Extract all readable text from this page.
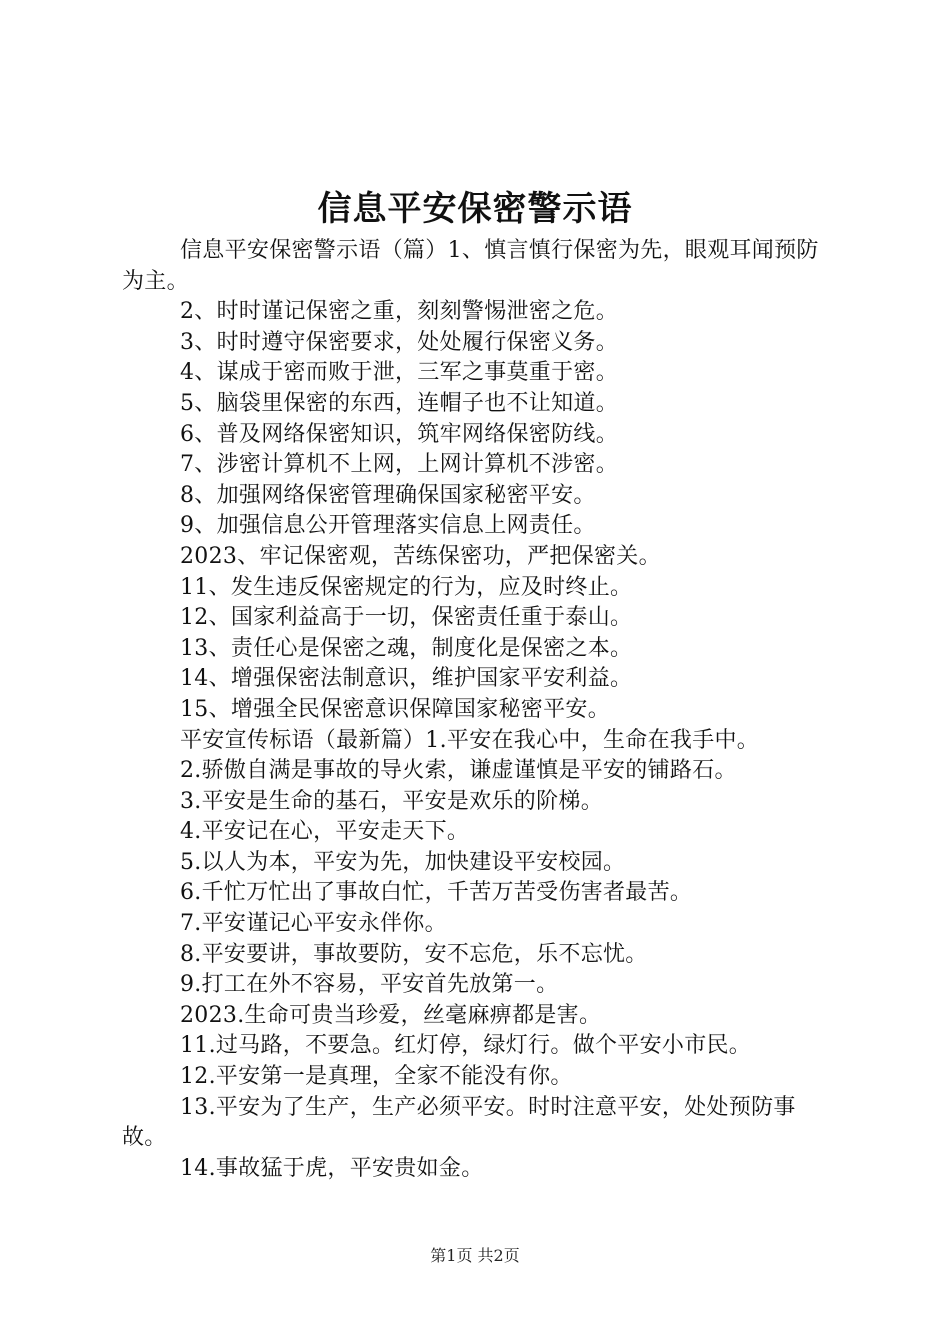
信息平安保密警示语

信息平安保密警示语（篇）1、慎言慎行保密为先，眼观耳闻预防为主。

2、时时谨记保密之重，刻刻警惕泄密之危。

3、时时遵守保密要求，处处履行保密义务。

4、谋成于密而败于泄，三军之事莫重于密。

5、脑袋里保密的东西，连帽子也不让知道。

6、普及网络保密知识，筑牢网络保密防线。

7、涉密计算机不上网，上网计算机不涉密。

8、加强网络保密管理确保国家秘密平安。

9、加强信息公开管理落实信息上网责任。

2023、牢记保密观，苦练保密功，严把保密关。

11、发生违反保密规定的行为，应及时终止。

12、国家利益高于一切，保密责任重于泰山。

13、责任心是保密之魂，制度化是保密之本。

14、增强保密法制意识，维护国家平安利益。

15、增强全民保密意识保障国家秘密平安。

平安宣传标语（最新篇）1.平安在我心中，生命在我手中。

2.骄傲自满是事故的导火索，谦虚谨慎是平安的铺路石。

3.平安是生命的基石，平安是欢乐的阶梯。

4.平安记在心，平安走天下。

5.以人为本，平安为先，加快建设平安校园。

6.千忙万忙出了事故白忙，千苦万苦受伤害者最苦。

7.平安谨记心平安永伴你。

8.平安要讲，事故要防，安不忘危，乐不忘忧。

9.打工在外不容易，平安首先放第一。

2023.生命可贵当珍爱，丝毫麻痹都是害。

11.过马路，不要急。红灯停，绿灯行。做个平安小市民。

12.平安第一是真理，全家不能没有你。

13.平安为了生产，生产必须平安。时时注意平安，处处预防事故。

14.事故猛于虎，平安贵如金。

第1页 共2页
